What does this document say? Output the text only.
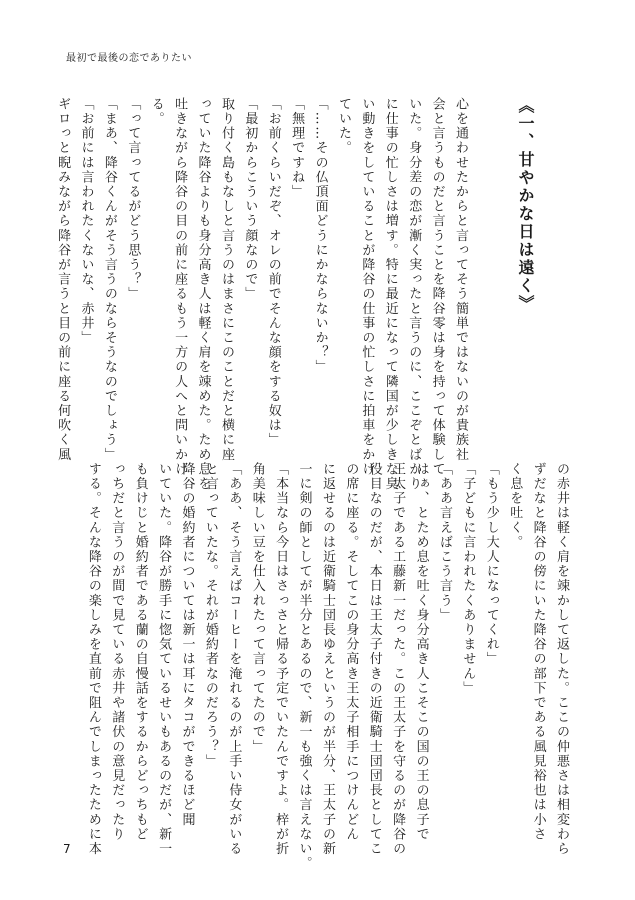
最初で最後の恋でありたい
《一、甘やかな日は遠く》

心を通わせたからと言ってそう簡単ではないのが貴族社

会と言うものだと言うことを降谷零は身を持って体験して

いた。身分差の恋が漸く実ったと言うのに、ここぞとばかり

に仕事の忙しさは増す。特に最近になって隣国が少しきな臭

い動きをしていることが降谷の仕事の忙しさに拍車をかけ

ていた。

「……その仏頂面どうにかならないか？」

「無理ですね」

「お前くらいだぞ、オレの前でそんな顔をする奴は」

「最初からこういう顔なので」

取り付く島もなしと言うのはまさにこのことだと横に座

っていた降谷よりも身分高き人は軽く肩を竦めた。ため息を

吐きながら降谷の目の前に座るもう一方の人へと問いかけ

る。

「って言ってるがどう思う？」

「まあ、降谷くんがそう言うのならそうなのでしょう」

「お前には言われたくないな、赤井」

ギロっと睨みながら降谷が言うと目の前に座る何吹く風

の赤井は軽く肩を竦かして返した。ここの仲悪さは相変わら

ずだなと降谷の傍にいた降谷の部下である風見裕也は小さ

く息を吐く。

「もう少し大人になってくれ」

「子どもに言われたくありません」

「ああ言えばこう言う」

はぁ、とため息を吐く身分高き人こそこの国の王の息子で

王太子である工藤新一だった。この王太子を守るのが降谷の

役目なのだが、本日は王太子付きの近衛騎士団団長としてこ

の席に座る。そしてこの身分高き王太子相手につけんどん

に返せるのは近衛騎士団長ゆえというのが半分、王太子の新

一に剣の師としてが半分とあるので、新一も強くは言えない。

「本当なら今日はさっさと帰る予定でいたんですよ。梓が折

角美味しい豆を仕入れたって言ってたので」

「ああ、そう言えばコーヒーを淹れるのが上手い侍女がいる

と言っていたな。それが婚約者なのだろう？」

降谷の婚約者については新一は耳にタコができるほど聞

いていた。降谷が勝手に惚気ているせいもあるのだが、新一

も負けじと婚約者である蘭の自慢話をするからどっちもど

っちだと言うのが間で見ている赤井や諸伏の意見だったり

する。そんな降谷の楽しみを直前で阻んでしまったために本

7
